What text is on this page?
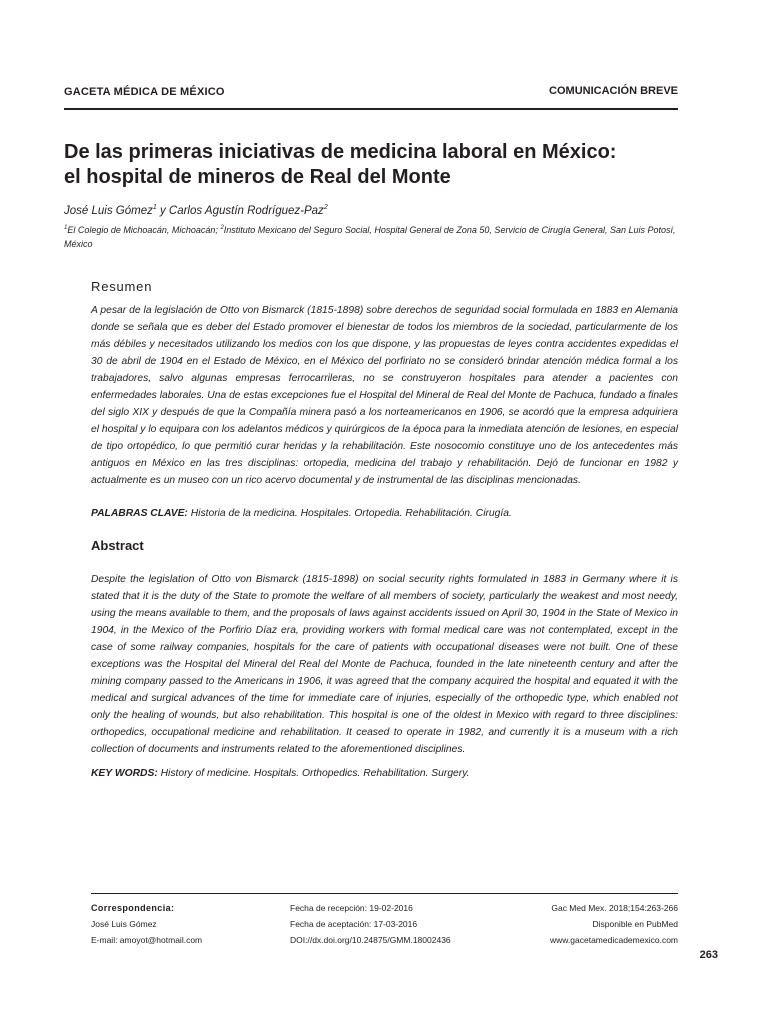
GACETA MÉDICA DE MÉXICO	COMUNICACIÓN BREVE
De las primeras iniciativas de medicina laboral en México:
el hospital de mineros de Real del Monte
José Luis Gómez$^1$ y Carlos Agustín Rodríguez-Paz$^2$
$^1$El Colegio de Michoacán, Michoacán; $^2$Instituto Mexicano del Seguro Social, Hospital General de Zona 50, Servicio de Cirugía General, San Luis Potosí, México
Resumen

A pesar de la legislación de Otto von Bismarck (1815-1898) sobre derechos de seguridad social formulada en 1883 en Alemania donde se señala que es deber del Estado promover el bienestar de todos los miembros de la sociedad, particularmente de los más débiles y necesitados utilizando los medios con los que dispone, y las propuestas de leyes contra accidentes expedidas el 30 de abril de 1904 en el Estado de México, en el México del porfiriato no se consideró brindar atención médica formal a los trabajadores, salvo algunas empresas ferrocarrileras, no se construyeron hospitales para atender a pacientes con enfermedades laborales. Una de estas excepciones fue el Hospital del Mineral de Real del Monte de Pachuca, fundado a finales del siglo XIX y después de que la Compañía minera pasó a los norteamericanos en 1906, se acordó que la empresa adquiriera el hospital y lo equipara con los adelantos médicos y quirúrgicos de la época para la inmediata atención de lesiones, en especial de tipo ortopédico, lo que permitió curar heridas y la rehabilitación. Este nosocomio constituye uno de los antecedentes más antiguos en México en las tres disciplinas: ortopedia, medicina del trabajo y rehabilitación. Dejó de funcionar en 1982 y actualmente es un museo con un rico acervo documental y de instrumental de las disciplinas mencionadas.

PALABRAS CLAVE: Historia de la medicina. Hospitales. Ortopedia. Rehabilitación. Cirugía.
Abstract

Despite the legislation of Otto von Bismarck (1815-1898) on social security rights formulated in 1883 in Germany where it is stated that it is the duty of the State to promote the welfare of all members of society, particularly the weakest and most needy, using the means available to them, and the proposals of laws against accidents issued on April 30, 1904 in the State of Mexico in 1904, in the Mexico of the Porfirio Díaz era, providing workers with formal medical care was not contemplated, except in the case of some railway companies, hospitals for the care of patients with occupational diseases were not built. One of these exceptions was the Hospital del Mineral del Real del Monte de Pachuca, founded in the late nineteenth century and after the mining company passed to the Americans in 1906, it was agreed that the company acquired the hospital and equated it with the medical and surgical advances of the time for immediate care of injuries, especially of the orthopedic type, which enabled not only the healing of wounds, but also rehabilitation. This hospital is one of the oldest in Mexico with regard to three disciplines: orthopedics, occupational medicine and rehabilitation. It ceased to operate in 1982, and currently it is a museum with a rich collection of documents and instruments related to the aforementioned disciplines.

KEY WORDS: History of medicine. Hospitals. Orthopedics. Rehabilitation. Surgery.
Correspondencia:
José Luis Gómez
E-mail: amoyot@hotmail.com
Fecha de recepción: 19-02-2016
Fecha de aceptación: 17-03-2016
DOI://dx.doi.org/10.24875/GMM.18002436
Gac Med Mex. 2018;154:263-266
Disponible en PubMed
www.gacetamedicademexico.com
263
